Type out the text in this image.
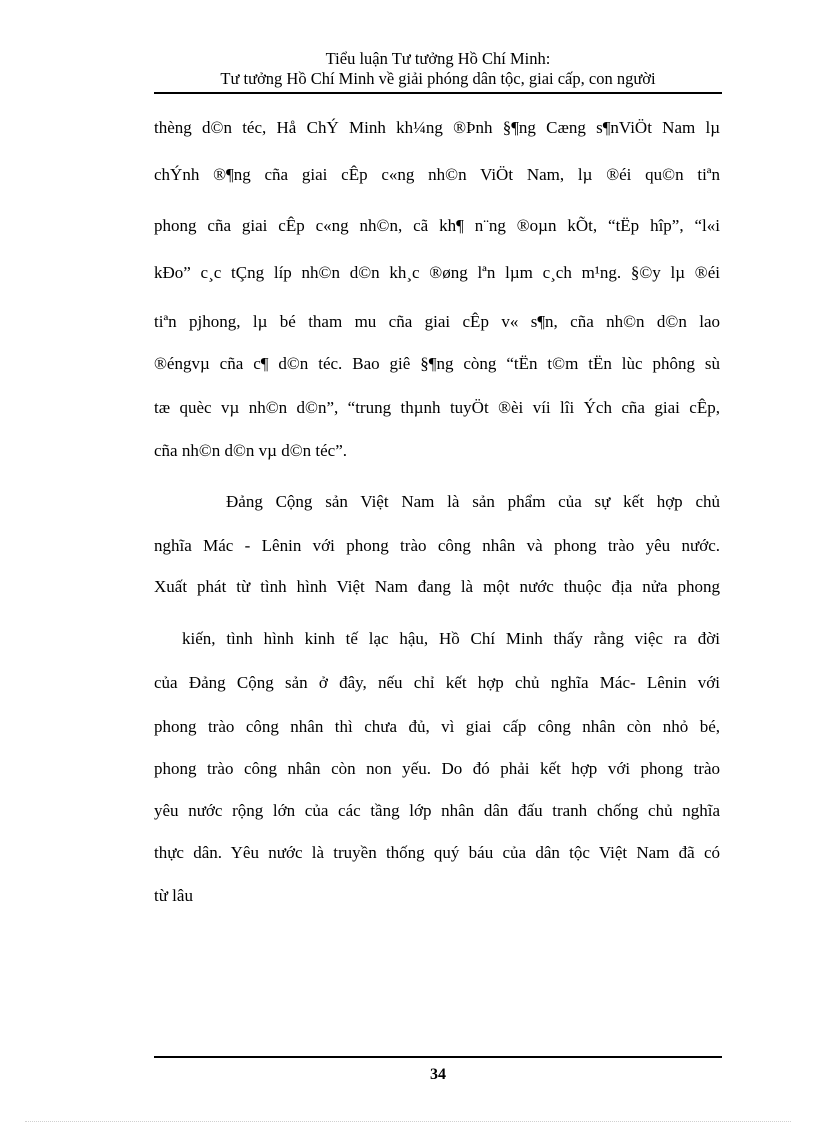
Tiểu luận Tư tưởng Hồ Chí Minh:
Tư tưởng Hồ Chí Minh về giải phóng dân tộc, giai cấp, con người
thèng d©n téc, Hå ChÝ Minh kh¼ng ®Þnh §¶ng Cæng s¶nViÖt Nam lµ
chÝnh ®¶ng cña giai cÊp c«ng nh©n ViÖt Nam, lµ ®éi qu©n tiªn
phong cña giai cÊp c«ng nh©n, cã kh¶ n¨ng ®oµn kÕt, “tËp hîp”, “l«i
kÐo” c¸c tÇng líp nh©n d©n kh¸c ®øng lªn lµm c¸ch m¹ng. §©y lµ ®éi
tiªn pjhong, lµ bé tham mu cña giai cÊp v« s¶n, cña nh©n d©n lao
®éngvµ cña c¶ d©n téc. Bao giê §¶ng còng “tËn t©m tËn lùc phông sù
tæ quèc vµ nh©n d©n”, “trung thµnh tuyÖt ®èi víi lîi Ých cña giai cÊp,
cña nh©n d©n vµ d©n téc”.
Đảng Cộng sản Việt Nam là sản phẩm của sự kết hợp chủ
nghĩa Mác - Lênin với phong trào công nhân và phong trào yêu nước.
Xuất phát từ tình hình Việt Nam đang là một nước thuộc địa nửa phong
kiến, tình hình kinh tế lạc hậu, Hồ Chí Minh thấy rằng việc ra đời
của Đảng Cộng sản ở đây, nếu chỉ kết hợp chủ nghĩa Mác- Lênin với
phong trào công nhân thì chưa đủ, vì giai cấp công nhân còn nhỏ bé,
phong trào công nhân còn non yếu. Do đó phải kết hợp với phong trào
yêu nước rộng lớn của các tầng lớp nhân dân đấu tranh chống chủ nghĩa
thực dân. Yêu nước là truyền thống quý báu của dân tộc Việt Nam đã có
từ lâu
34
